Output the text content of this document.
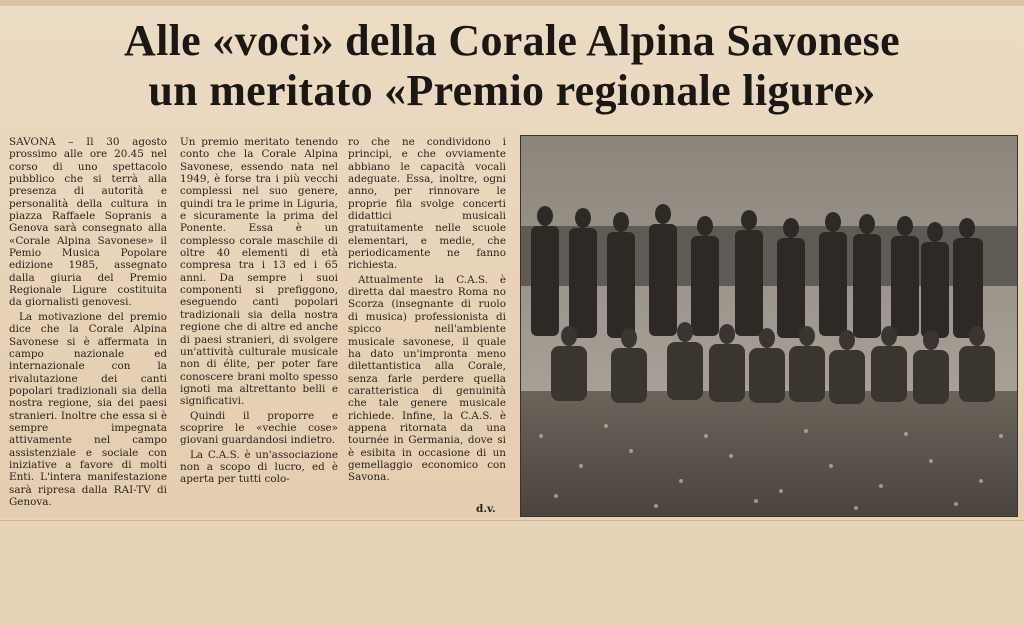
Alle «voci» della Corale Alpina Savonese
un meritato «Premio regionale ligure»

SAVONA – Il 30 agosto prossimo alle ore 20.45 nel corso di uno spettacolo pubblico che si terrà alla presenza di autorità e personalità della cultura in piazza Raffaele Sopranis a Genova sarà consegnato alla «Corale Alpina Savonese» il Pemio Musica Popolare edizione 1985, assegnato dalla giuria del Premio Regionale Ligure costituita da giornalisti genovesi.

La motivazione del premio dice che la Corale Alpina Savonese si è affermata in campo nazionale ed internazionale con la rivalutazione dei canti popolari tradizionali sia della nostra regione, sia dei paesi stranieri. Inoltre che essa si è sempre impegnata attivamente nel campo assistenziale e sociale con iniziative a favore di molti Enti. L'intera manifestazione sarà ripresa dalla RAI-TV di Genova.

Un premio meritato tenendo conto che la Corale Alpina Savonese, essendo nata nel 1949, è forse tra i più vecchi complessi nel suo genere, quindi tra le prime in Liguria, e sicuramente la prima del Ponente. Essa è un complesso corale maschile di oltre 40 elementi di età compresa tra i 13 ed i 65 anni. Da sempre i suoi componenti si prefiggono, eseguendo canti popolari tradizionali sia della nostra regione che di altre ed anche di paesi stranieri, di svolgere un'attività culturale musicale non di élite, per poter fare conoscere brani molto spesso ignoti ma altrettanto belli e significativi.

Quindi il proporre e scoprire le «vechie cose» giovani guardandosi indietro.

La C.A.S. è un'associazione non a scopo di lucro, ed è aperta per tutti colo-

ro che ne condividono i principi, e che ovviamente abbiano le capacità vocali adeguate. Essa, inoltre, ogni anno, per rinnovare le proprie fila svolge concerti didattici musicali gratuitamente nelle scuole elementari, e medie, che periodicamente ne fanno richiesta.

Attualmente la C.A.S. è diretta dal maestro Roma no Scorza (insegnante di ruolo di musica) professionista di spicco nell'ambiente musicale savonese, il quale ha dato un'impronta meno dilettantistica alla Corale, senza farle perdere quella caratteristica di genuinità che tale genere musicale richiede. Infine, la C.A.S. è appena ritornata da una tournée in Germania, dove si è esibita in occasione di un gemellaggio economico con Savona.

d.v.
